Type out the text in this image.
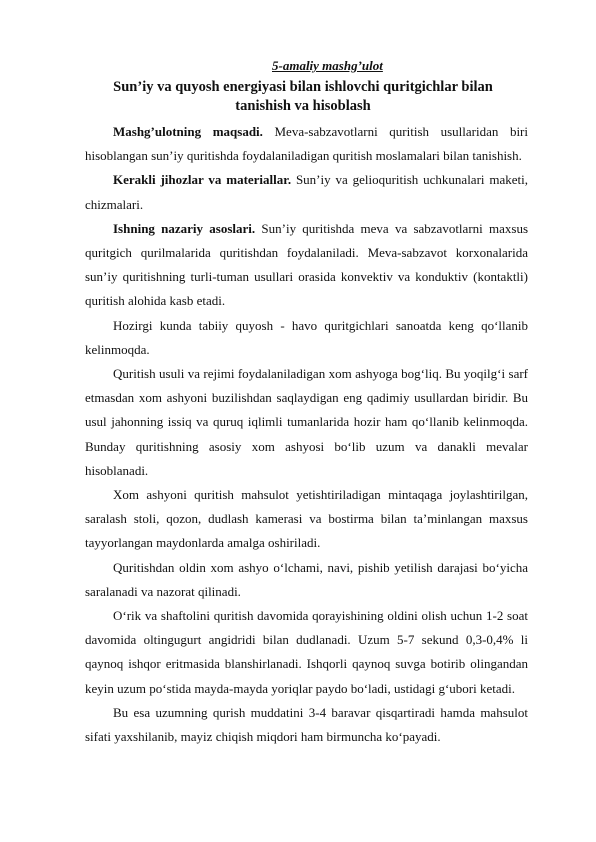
5-amaliy mashg’ulot
Sun’iy va quyosh energiyasi bilan ishlovchi quritgichlar bilan
tanishish va hisoblash

Mashg’ulotning maqsadi. Meva-sabzavotlarni quritish usullaridan biri hisoblangan sun’iy quritishda foydalaniladigan quritish moslamalari bilan tanishish.

Kerakli jihozlar va materiallar. Sun’iy va gelioquritish uchkunalari maketi, chizmalari.

Ishning nazariy asoslari. Sun’iy quritishda meva va sabzavotlarni maxsus quritgich qurilmalarida quritishdan foydalaniladi. Meva-sabzavot korxonalarida sun’iy quritishning turli-tuman usullari orasida konvektiv va konduktiv (kontaktli) quritish alohida kasb etadi.

Hozirgi kunda tabiiy quyosh - havo quritgichlari sanoatda keng qo‘llanib kelinmoqda.

Quritish usuli va rejimi foydalaniladigan xom ashyoga bog‘liq. Bu yoqilg‘i sarf etmasdan xom ashyoni buzilishdan saqlaydigan eng qadimiy usullardan biridir. Bu usul jahonning issiq va quruq iqlimli tumanlarida hozir ham qo‘llanib kelinmoqda. Bunday quritishning asosiy xom ashyosi bo‘lib uzum va danakli mevalar hisoblanadi.

Xom ashyoni quritish mahsulot yetishtiriladigan mintaqaga joylashtirilgan, saralash stoli, qozon, dudlash kamerasi va bostirma bilan ta’minlangan maxsus tayyorlangan maydonlarda amalga oshiriladi.

Quritishdan oldin xom ashyo o‘lchami, navi, pishib yetilish darajasi bo‘yicha saralanadi va nazorat qilinadi.

O‘rik va shaftolini quritish davomida qorayishining oldini olish uchun 1-2 soat davomida oltingugurt angidridi bilan dudlanadi. Uzum 5-7 sekund 0,3-0,4% li qaynoq ishqor eritmasida blanshirlanadi. Ishqorli qaynoq suvga botirib olingandan keyin uzum po‘stida mayda-mayda yoriqlar paydo bo‘ladi, ustidagi g‘ubori ketadi.

Bu esa uzumning qurish muddatini 3-4 baravar qisqartiradi hamda mahsulot sifati yaxshilanib, mayiz chiqish miqdori ham birmuncha ko‘payadi.
